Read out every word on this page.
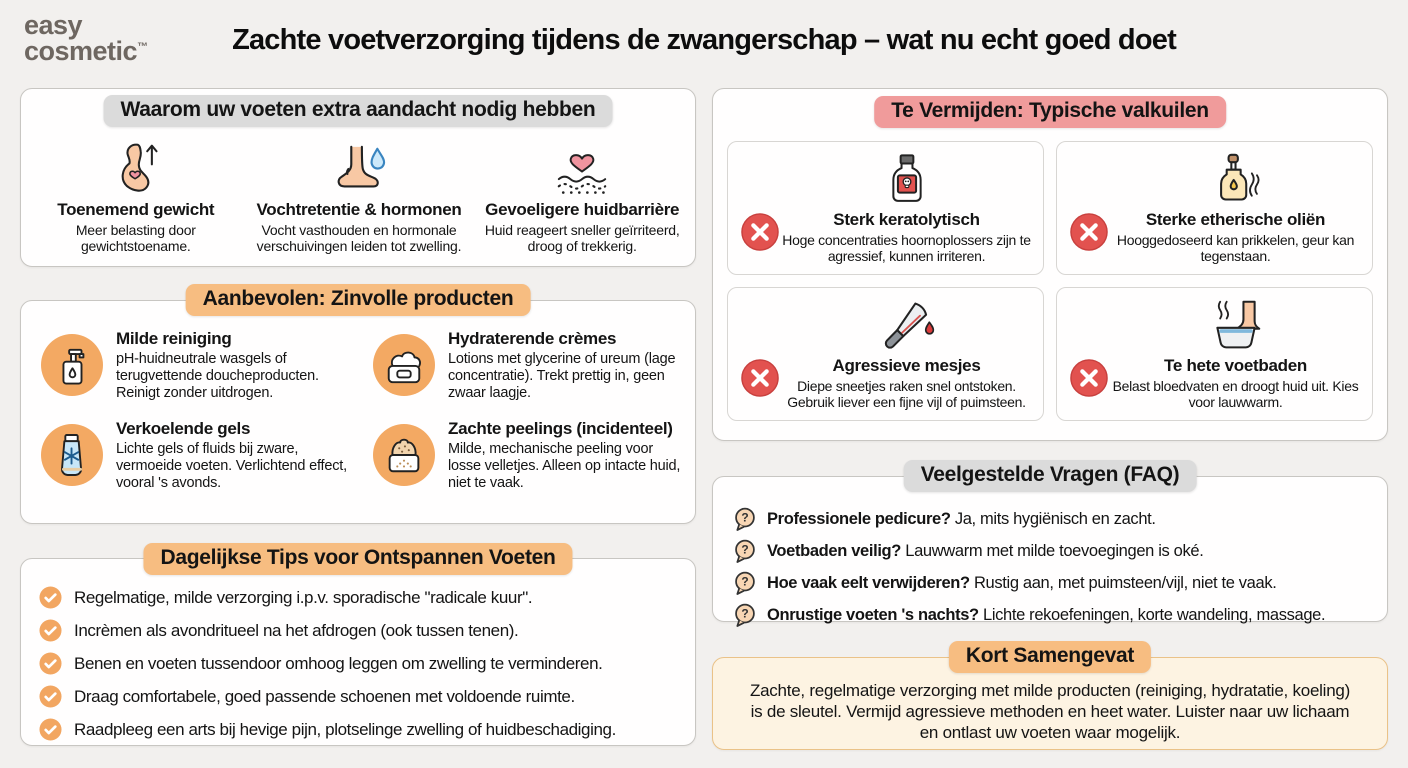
easy
cosmetic™	Zachte voetverzorging tijdens de zwangerschap – wat nu echt goed doet
Waarom uw voeten extra aandacht nodig hebben
Aanbevolen: Zinvolle producten
Dagelijkse Tips voor Ontspannen Voeten
Te Vermijden: Typische valkuilen
Veelgestelde Vragen (FAQ)
Kort Samengevat
Toenemend gewicht
Meer belasting door gewichtstoename.
Vochtretentie & hormonen
Vocht vasthouden en hormonale verschuivingen leiden tot zwelling.
Gevoeligere huidbarrière
Huid reageert sneller geïrriteerd, droog of trekkerig.
Milde reiniging
pH-huidneutrale wasgels of terugvettende doucheproducten. Reinigt zonder uitdrogen.
Hydraterende crèmes
Lotions met glycerine of ureum (lage concentratie). Trekt prettig in, geen zwaar laagje.
Verkoelende gels
Lichte gels of fluids bij zware, vermoeide voeten. Verlichtend effect, vooral 's avonds.
Zachte peelings (incidenteel)
Milde, mechanische peeling voor losse velletjes. Alleen op intacte huid, niet te vaak.
Regelmatige, milde verzorging i.p.v. sporadische "radicale kuur".
Incrèmen als avondritueel na het afdrogen (ook tussen tenen).
Benen en voeten tussendoor omhoog leggen om zwelling te verminderen.
Draag comfortabele, goed passende schoenen met voldoende ruimte.
Raadpleeg een arts bij hevige pijn, plotselinge zwelling of huidbeschadiging.
Sterk keratolytisch
Hoge concentraties hoornoplossers zijn te agressief, kunnen irriteren.
Sterke etherische oliën
Hooggedoseerd kan prikkelen, geur kan tegenstaan.
Agressieve mesjes
Diepe sneetjes raken snel ontstoken. Gebruik liever een fijne vijl of puimsteen.
Te hete voetbaden
Belast bloedvaten en droogt huid uit. Kies voor lauwwarm.
? Professionele pedicure? Ja, mits hygiënisch en zacht.
? Voetbaden veilig? Lauwwarm met milde toevoegingen is oké.
? Hoe vaak eelt verwijderen? Rustig aan, met puimsteen/vijl, niet te vaak.
? Onrustige voeten 's nachts? Lichte rekoefeningen, korte wandeling, massage.

Zachte, regelmatige verzorging met milde producten (reiniging, hydratatie, koeling) is de sleutel. Vermijd agressieve methoden en heet water. Luister naar uw lichaam en ontlast uw voeten waar mogelijk.
